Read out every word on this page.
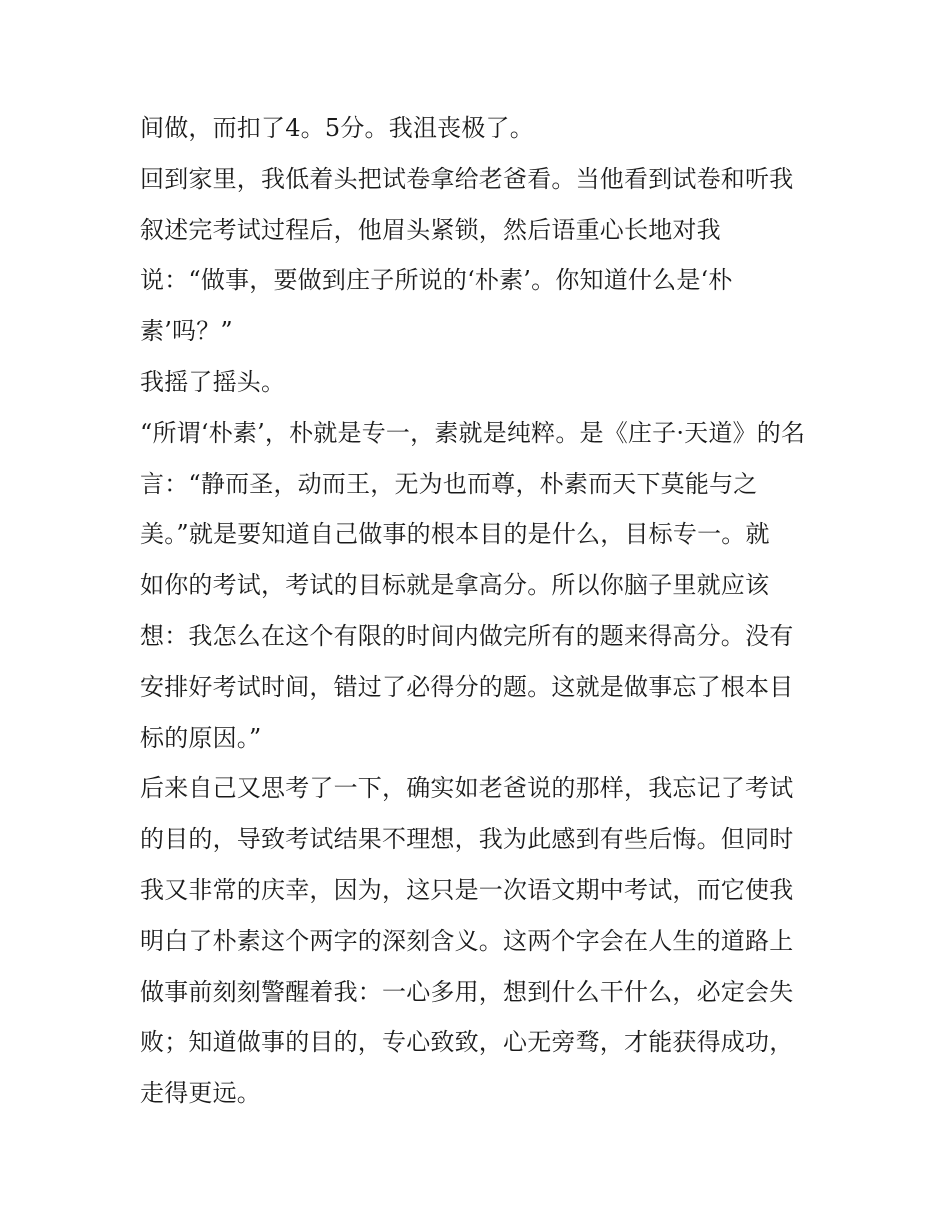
间做，而扣了4。5分。我沮丧极了。
回到家里，我低着头把试卷拿给老爸看。当他看到试卷和听我
叙述完考试过程后，他眉头紧锁，然后语重心长地对我
说：“做事，要做到庄子所说的‘朴素’。你知道什么是‘朴
素’吗？”
我摇了摇头。
“所谓‘朴素’，朴就是专一，素就是纯粹。是《庄子·天道》的名
言：“静而圣，动而王，无为也而尊，朴素而天下莫能与之
美。”就是要知道自己做事的根本目的是什么，目标专一。就
如你的考试，考试的目标就是拿高分。所以你脑子里就应该
想：我怎么在这个有限的时间内做完所有的题来得高分。没有
安排好考试时间，错过了必得分的题。这就是做事忘了根本目
标的原因。”
后来自己又思考了一下，确实如老爸说的那样，我忘记了考试
的目的，导致考试结果不理想，我为此感到有些后悔。但同时
我又非常的庆幸，因为，这只是一次语文期中考试，而它使我
明白了朴素这个两字的深刻含义。这两个字会在人生的道路上
做事前刻刻警醒着我：一心多用，想到什么干什么，必定会失
败；知道做事的目的，专心致致，心无旁骛，才能获得成功，
走得更远。
